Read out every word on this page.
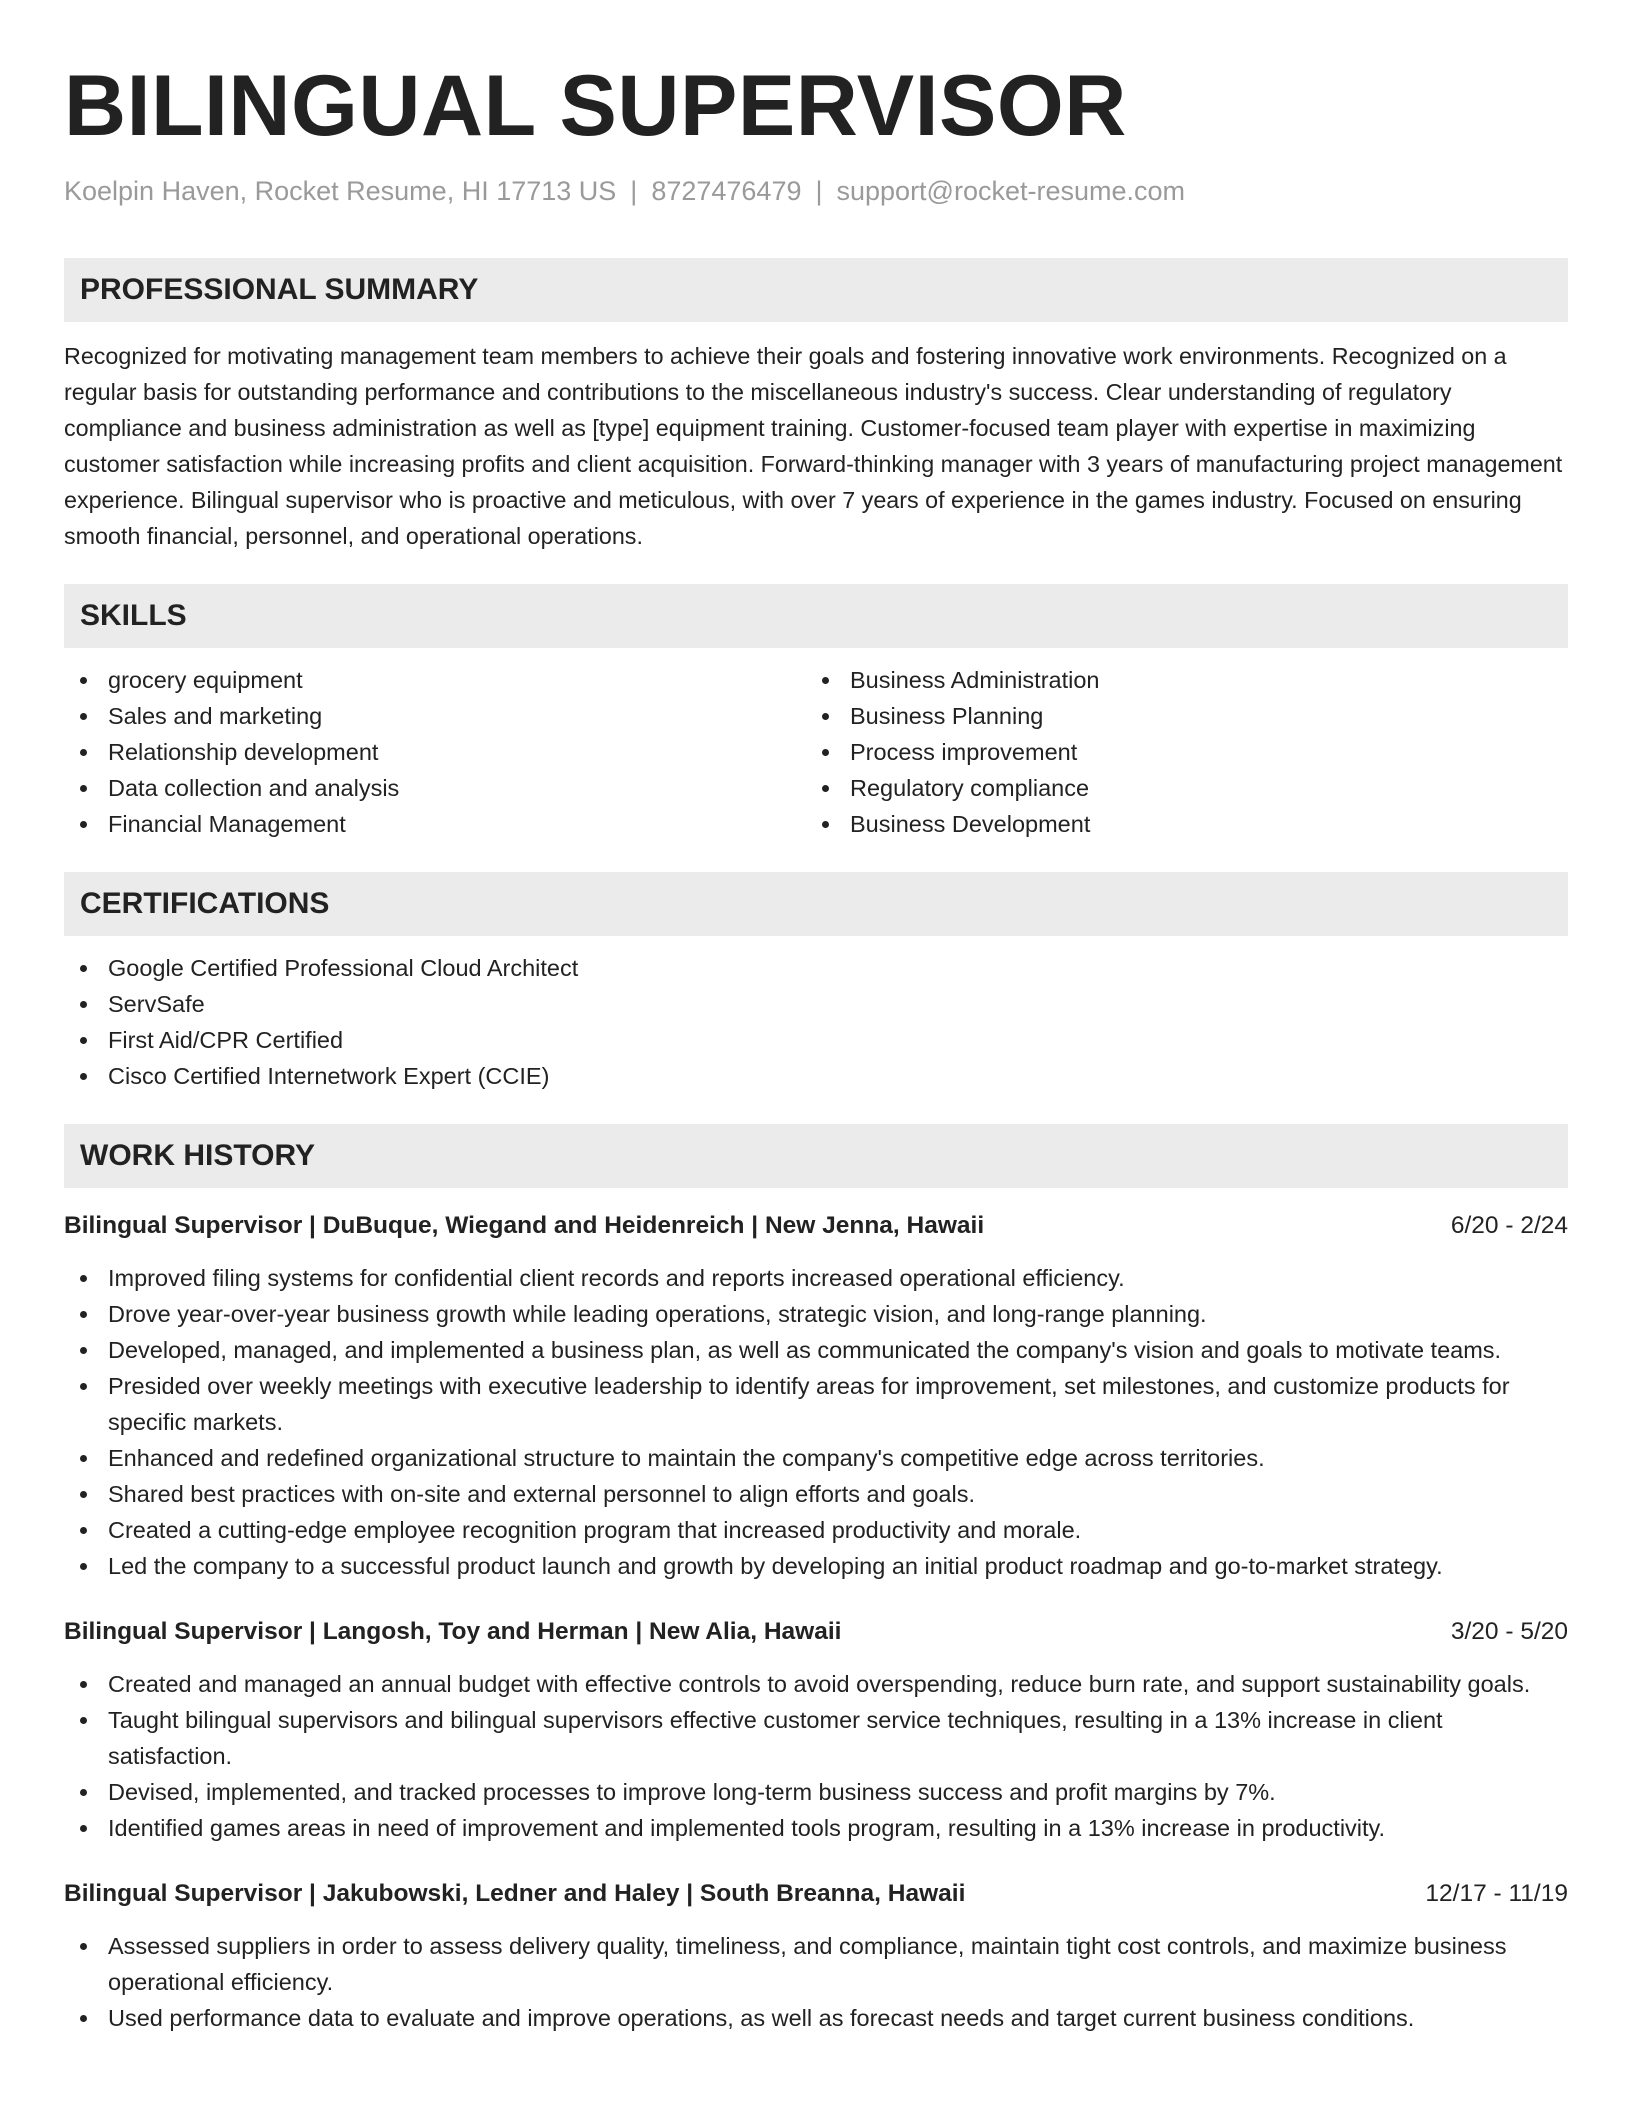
BILINGUAL SUPERVISOR
Koelpin Haven, Rocket Resume, HI 17713 US | 8727476479 | support@rocket-resume.com
PROFESSIONAL SUMMARY

Recognized for motivating management team members to achieve their goals and fostering innovative work environments. Recognized on a regular basis for outstanding performance and contributions to the miscellaneous industry's success. Clear understanding of regulatory compliance and business administration as well as [type] equipment training. Customer-focused team player with expertise in maximizing customer satisfaction while increasing profits and client acquisition. Forward-thinking manager with 3 years of manufacturing project management experience. Bilingual supervisor who is proactive and meticulous, with over 7 years of experience in the games industry. Focused on ensuring smooth financial, personnel, and operational operations.

SKILLS
grocery equipment
Sales and marketing
Relationship development
Data collection and analysis
Financial Management
Business Administration
Business Planning
Process improvement
Regulatory compliance
Business Development
CERTIFICATIONS
Google Certified Professional Cloud Architect
ServSafe
First Aid/CPR Certified
Cisco Certified Internetwork Expert (CCIE)
WORK HISTORY
Bilingual Supervisor | DuBuque, Wiegand and Heidenreich | New Jenna, Hawaii	6/20 - 2/24
Improved filing systems for confidential client records and reports increased operational efficiency.
Drove year-over-year business growth while leading operations, strategic vision, and long-range planning.
Developed, managed, and implemented a business plan, as well as communicated the company's vision and goals to motivate teams.
Presided over weekly meetings with executive leadership to identify areas for improvement, set milestones, and customize products for specific markets.
Enhanced and redefined organizational structure to maintain the company's competitive edge across territories.
Shared best practices with on-site and external personnel to align efforts and goals.
Created a cutting-edge employee recognition program that increased productivity and morale.
Led the company to a successful product launch and growth by developing an initial product roadmap and go-to-market strategy.
Bilingual Supervisor | Langosh, Toy and Herman | New Alia, Hawaii	3/20 - 5/20
Created and managed an annual budget with effective controls to avoid overspending, reduce burn rate, and support sustainability goals.
Taught bilingual supervisors and bilingual supervisors effective customer service techniques, resulting in a 13% increase in client satisfaction.
Devised, implemented, and tracked processes to improve long-term business success and profit margins by 7%.
Identified games areas in need of improvement and implemented tools program, resulting in a 13% increase in productivity.
Bilingual Supervisor | Jakubowski, Ledner and Haley | South Breanna, Hawaii	12/17 - 11/19
Assessed suppliers in order to assess delivery quality, timeliness, and compliance, maintain tight cost controls, and maximize business operational efficiency.
Used performance data to evaluate and improve operations, as well as forecast needs and target current business conditions.
